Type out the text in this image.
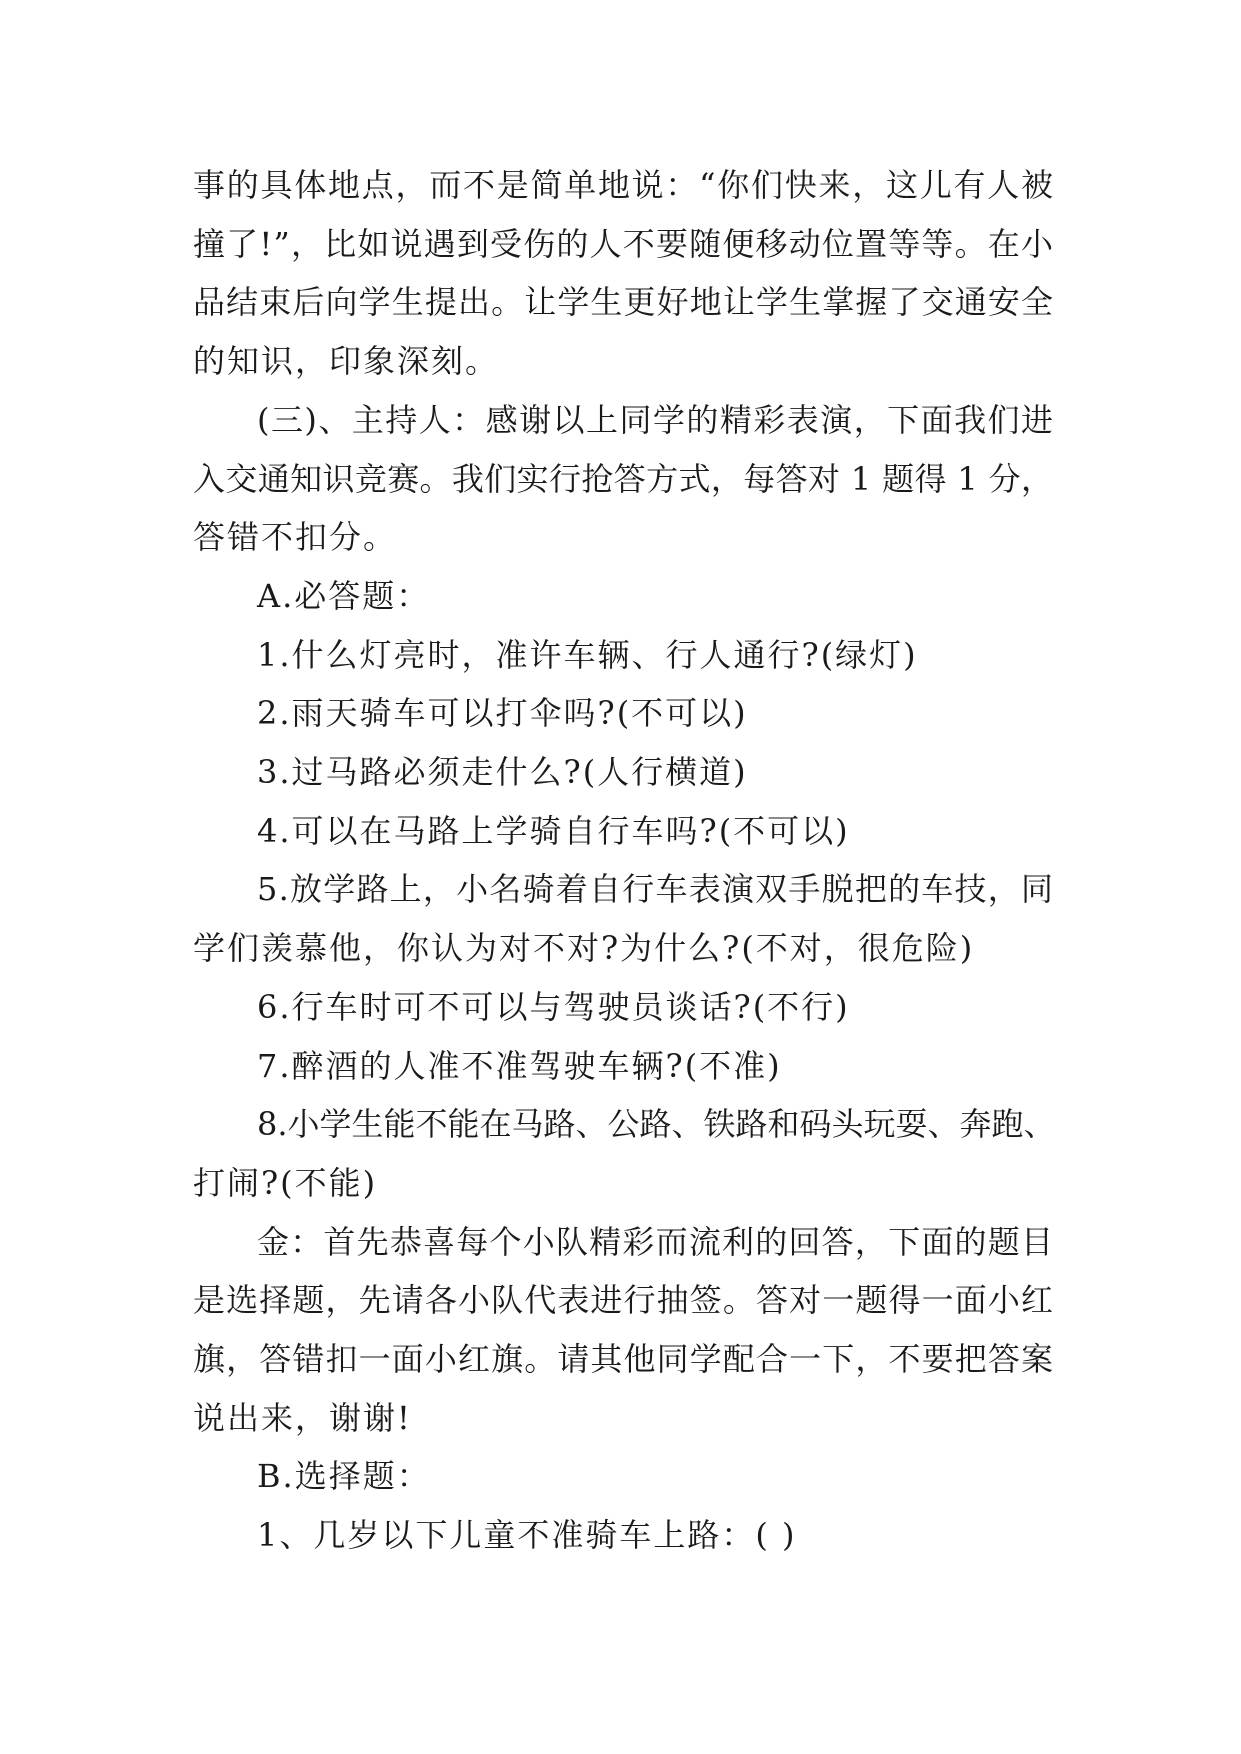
事的具体地点，而不是简单地说：“你们快来，这儿有人被
撞了!”，比如说遇到受伤的人不要随便移动位置等等。在小
品结束后向学生提出。让学生更好地让学生掌握了交通安全
的知识，印象深刻。
(三)、主持人：感谢以上同学的精彩表演，下面我们进
入交通知识竞赛。我们实行抢答方式，每答对 1 题得 1 分，
答错不扣分。
A.必答题：
1.什么灯亮时，准许车辆、行人通行?(绿灯)
2.雨天骑车可以打伞吗?(不可以)
3.过马路必须走什么?(人行横道)
4.可以在马路上学骑自行车吗?(不可以)
5.放学路上，小名骑着自行车表演双手脱把的车技，同
学们羡慕他，你认为对不对?为什么?(不对，很危险)
6.行车时可不可以与驾驶员谈话?(不行)
7.醉酒的人准不准驾驶车辆?(不准)
8.小学生能不能在马路、公路、铁路和码头玩耍、奔跑、
打闹?(不能)
金：首先恭喜每个小队精彩而流利的回答，下面的题目
是选择题，先请各小队代表进行抽签。答对一题得一面小红
旗，答错扣一面小红旗。请其他同学配合一下，不要把答案
说出来，谢谢!
B.选择题：
1、几岁以下儿童不准骑车上路：( )
